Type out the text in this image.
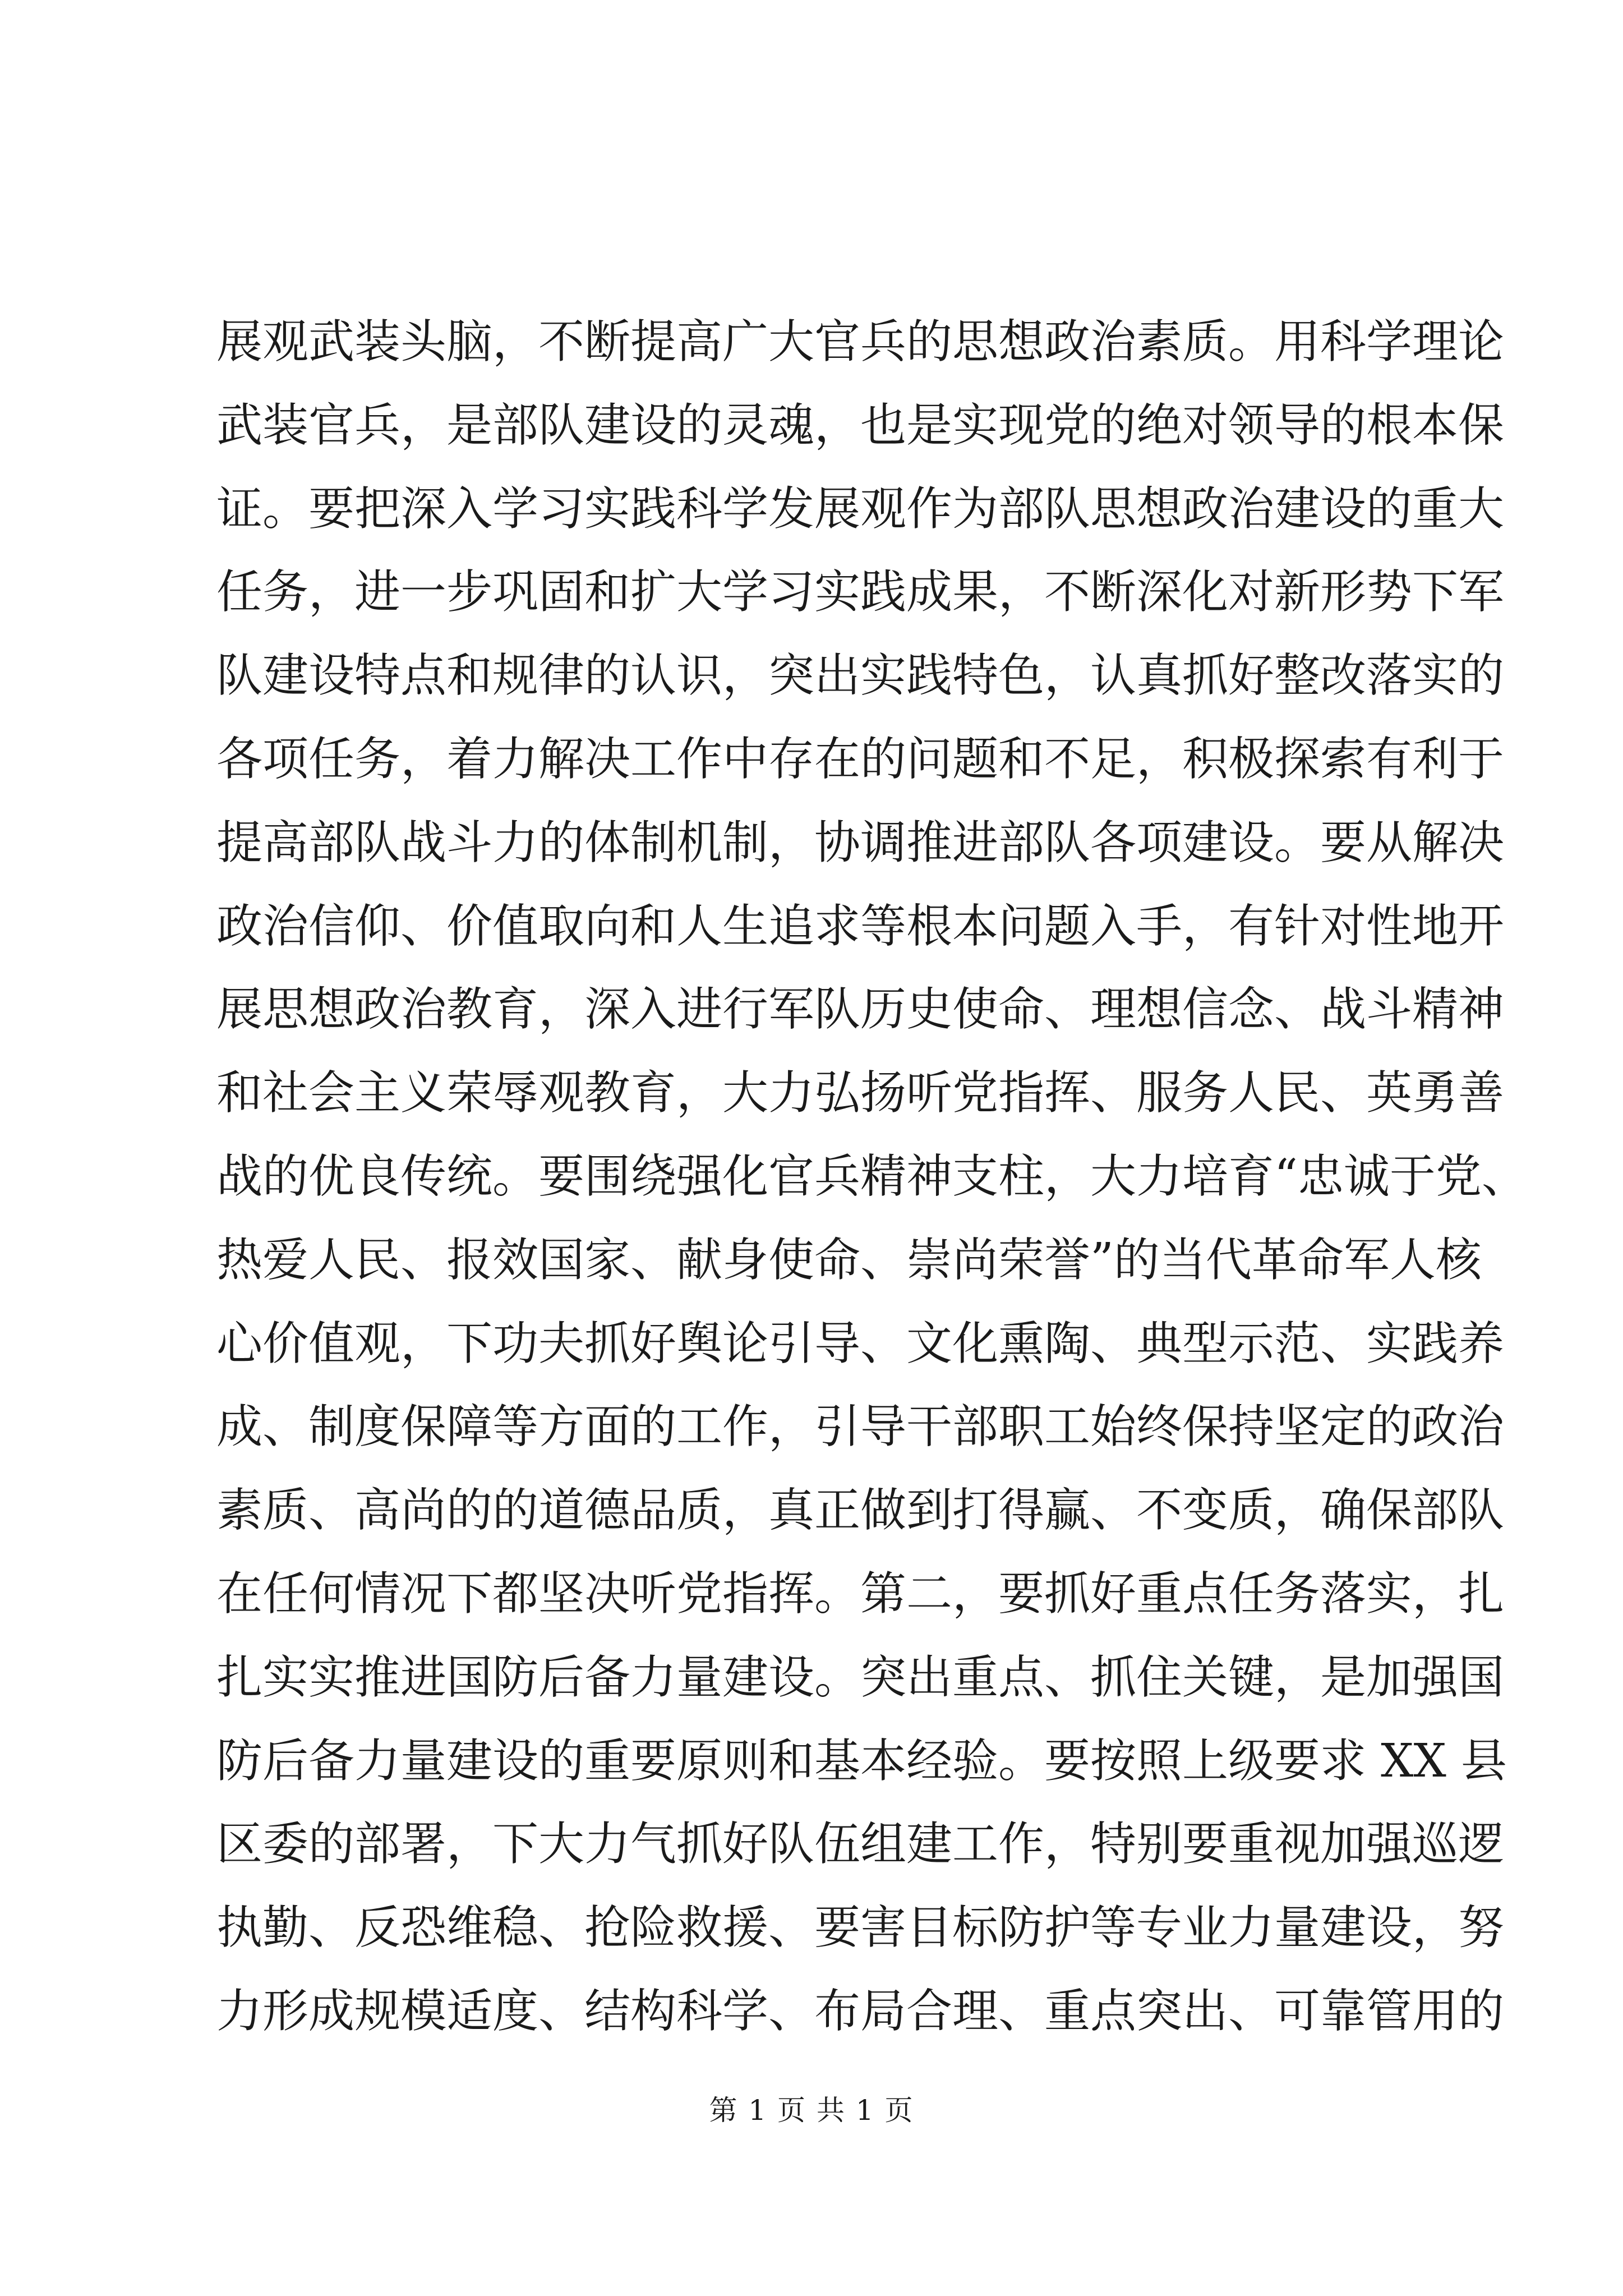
展观武装头脑，不断提高广大官兵的思想政治素质。用科学理论
武装官兵，是部队建设的灵魂，也是实现党的绝对领导的根本保
证。要把深入学习实践科学发展观作为部队思想政治建设的重大
任务，进一步巩固和扩大学习实践成果，不断深化对新形势下军
队建设特点和规律的认识，突出实践特色，认真抓好整改落实的
各项任务，着力解决工作中存在的问题和不足，积极探索有利于
提高部队战斗力的体制机制，协调推进部队各项建设。要从解决
政治信仰、价值取向和人生追求等根本问题入手，有针对性地开
展思想政治教育，深入进行军队历史使命、理想信念、战斗精神
和社会主义荣辱观教育，大力弘扬听党指挥、服务人民、英勇善
战的优良传统。要围绕强化官兵精神支柱，大力培育“忠诚于党、
热爱人民、报效国家、献身使命、崇尚荣誉”的当代革命军人核
心价值观，下功夫抓好舆论引导、文化熏陶、典型示范、实践养
成、制度保障等方面的工作，引导干部职工始终保持坚定的政治
素质、高尚的的道德品质，真正做到打得赢、不变质，确保部队
在任何情况下都坚决听党指挥。第二，要抓好重点任务落实，扎
扎实实推进国防后备力量建设。突出重点、抓住关键，是加强国
防后备力量建设的重要原则和基本经验。要按照上级要求 XX 县
区委的部署，下大力气抓好队伍组建工作，特别要重视加强巡逻
执勤、反恐维稳、抢险救援、要害目标防护等专业力量建设，努
力形成规模适度、结构科学、布局合理、重点突出、可靠管用的
第 1 页 共 1 页
